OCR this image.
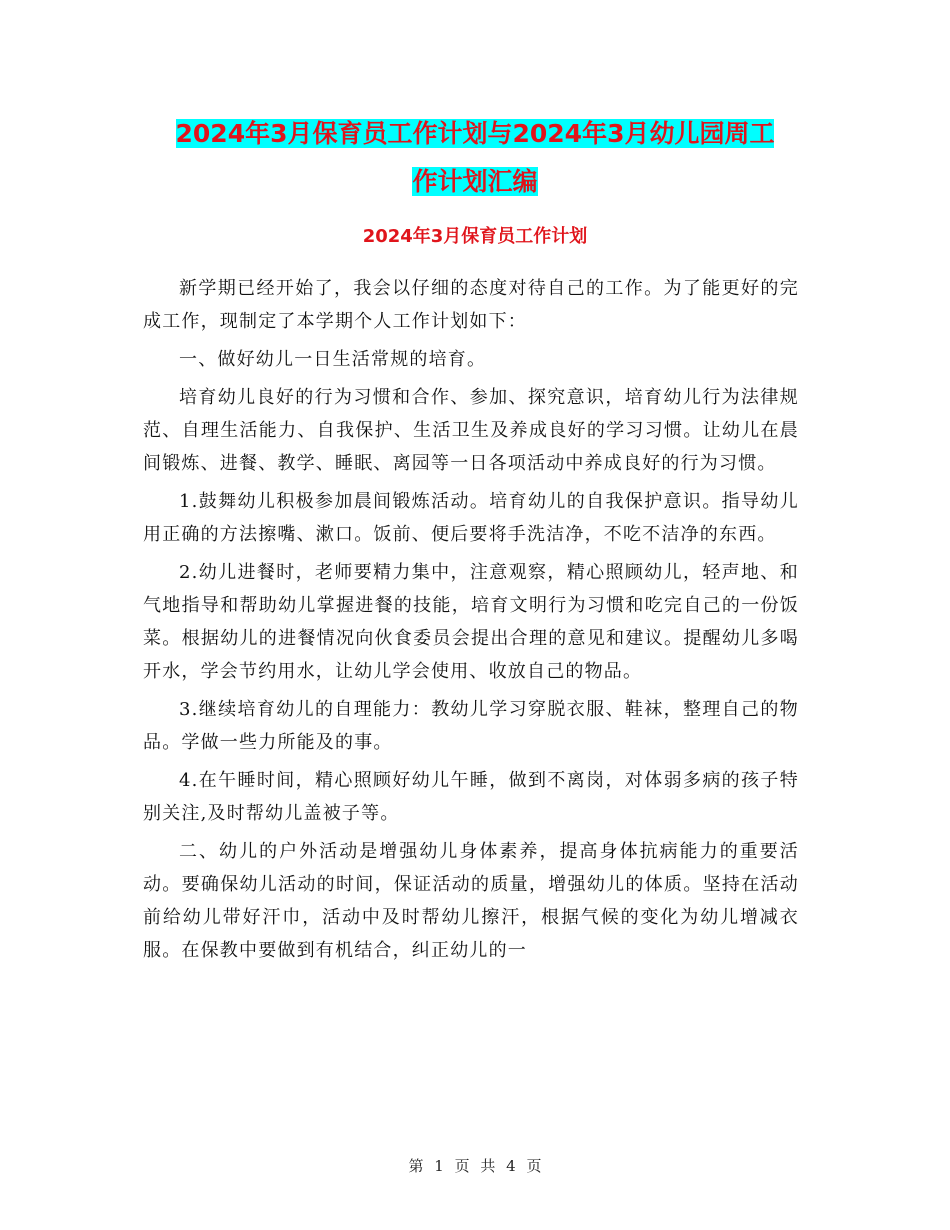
2024年3月保育员工作计划与2024年3月幼儿园周工
作计划汇编
2024年3月保育员工作计划

新学期已经开始了，我会以仔细的态度对待自己的工作。为了能更好的完成工作，现制定了本学期个人工作计划如下：

一、做好幼儿一日生活常规的培育。

培育幼儿良好的行为习惯和合作、参加、探究意识，培育幼儿行为法律规范、自理生活能力、自我保护、生活卫生及养成良好的学习习惯。让幼儿在晨间锻炼、进餐、教学、睡眠、离园等一日各项活动中养成良好的行为习惯。

1.鼓舞幼儿积极参加晨间锻炼活动。培育幼儿的自我保护意识。指导幼儿用正确的方法擦嘴、漱口。饭前、便后要将手洗洁净，不吃不洁净的东西。

2.幼儿进餐时，老师要精力集中，注意观察，精心照顾幼儿，轻声地、和气地指导和帮助幼儿掌握进餐的技能，培育文明行为习惯和吃完自己的一份饭菜。根据幼儿的进餐情况向伙食委员会提出合理的意见和建议。提醒幼儿多喝开水，学会节约用水，让幼儿学会使用、收放自己的物品。

3.继续培育幼儿的自理能力：教幼儿学习穿脱衣服、鞋袜，整理自己的物品。学做一些力所能及的事。

4.在午睡时间，精心照顾好幼儿午睡，做到不离岗，对体弱多病的孩子特别关注,及时帮幼儿盖被子等。

二、幼儿的户外活动是增强幼儿身体素养，提高身体抗病能力的重要活动。要确保幼儿活动的时间，保证活动的质量，增强幼儿的体质。坚持在活动前给幼儿带好汗巾，活动中及时帮幼儿擦汗，根据气候的变化为幼儿增减衣服。在保教中要做到有机结合，纠正幼儿的一

第 1 页 共 4 页
